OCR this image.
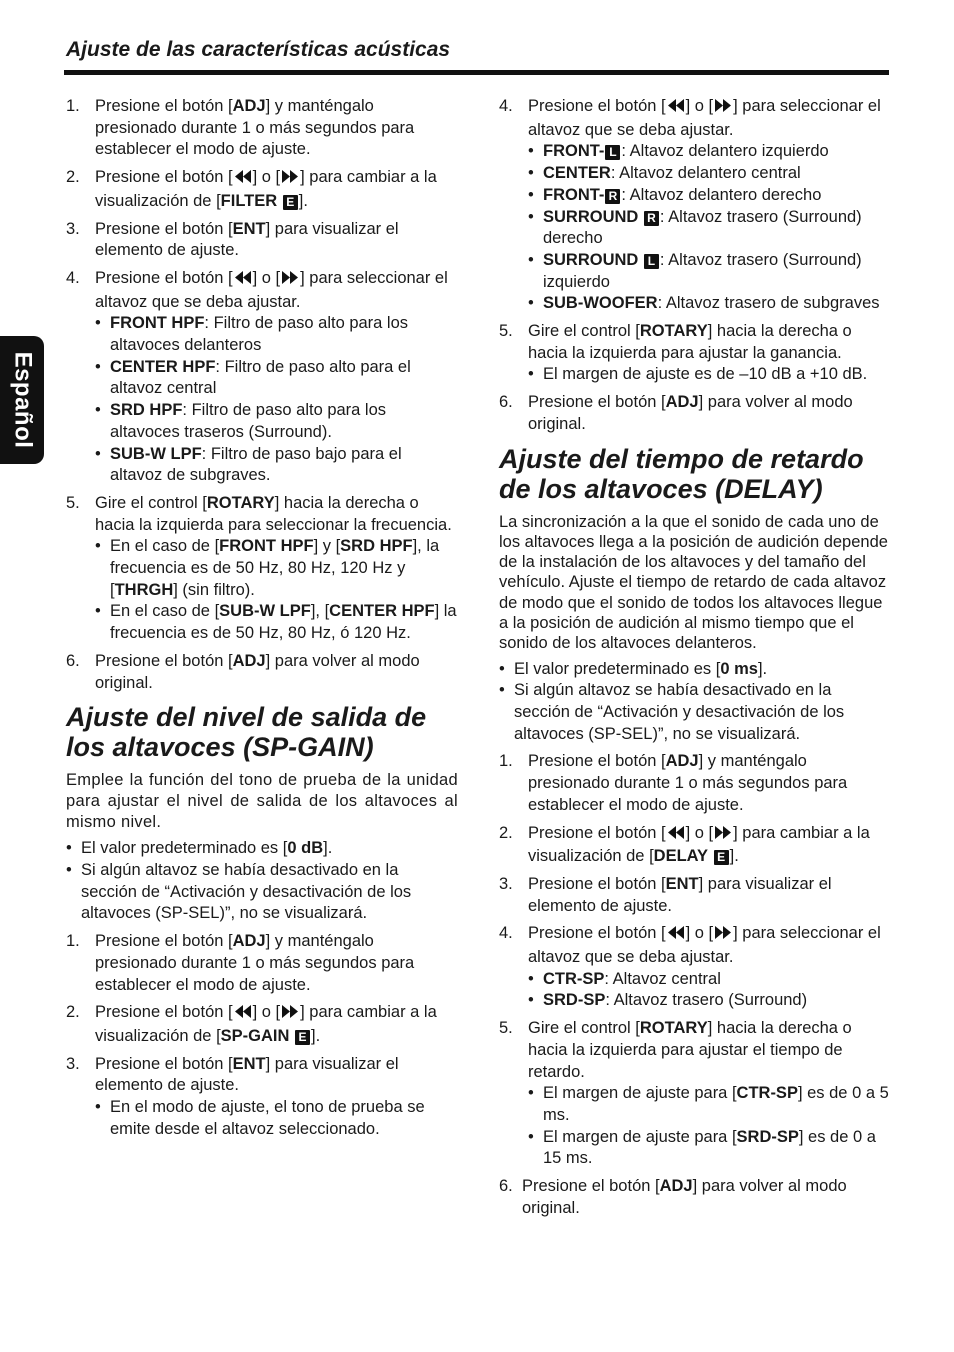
Ajuste de las características acústicas
Español
1. Presione el botón [ADJ] y manténgalo presionado durante 1 o más segundos para establecer el modo de ajuste.

2. Presione el botón [ ] o [ ] para cambiar a la visualización de [FILTER E ].

3. Presione el botón [ENT] para visualizar el elemento de ajuste.

4. Presione el botón [ ] o [ ] para seleccionar el altavoz que se deba ajustar.

• FRONT HPF: Filtro de paso alto para los altavoces delanteros
• CENTER HPF: Filtro de paso alto para el altavoz central
• SRD HPF: Filtro de paso alto para los altavoces traseros (Surround).
• SUB-W LPF: Filtro de paso bajo para el altavoz de subgraves.
5. Gire el control [ROTARY] hacia la derecha o hacia la izquierda para seleccionar la frecuencia.

• En el caso de [FRONT HPF] y [SRD HPF], la frecuencia es de 50 Hz, 80 Hz, 120 Hz y [THRGH] (sin filtro).
• En el caso de [SUB-W LPF], [CENTER HPF] la frecuencia es de 50 Hz, 80 Hz, ó 120 Hz.
6. Presione el botón [ADJ] para volver al modo original.

Ajuste del nivel de salida de los altavoces (SP-GAIN)
Emplee la función del tono de prueba de la unidad para ajustar el nivel de salida de los altavoces al mismo nivel.
• El valor predeterminado es [0 dB].
• Si algún altavoz se había desactivado en la sección de “Activación y desactivación de los altavoces (SP-SEL)”, no se visualizará.
1. Presione el botón [ADJ] y manténgalo presionado durante 1 o más segundos para establecer el modo de ajuste.

2. Presione el botón [ ] o [ ] para cambiar a la visualización de [SP-GAIN E ].

3. Presione el botón [ENT] para visualizar el elemento de ajuste.

• En el modo de ajuste, el tono de prueba se emite desde el altavoz seleccionado.
4. Presione el botón [ ] o [ ] para seleccionar el altavoz que se deba ajustar.

• FRONT- L : Altavoz delantero izquierdo
• CENTER: Altavoz delantero central
• FRONT- R : Altavoz delantero derecho
• SURROUND R : Altavoz trasero (Surround) derecho
• SURROUND L : Altavoz trasero (Surround) izquierdo
• SUB-WOOFER: Altavoz trasero de subgraves
5. Gire el control [ROTARY] hacia la derecha o hacia la izquierda para ajustar la ganancia.

• El margen de ajuste es de –10 dB a +10 dB.
6. Presione el botón [ADJ] para volver al modo original.

Ajuste del tiempo de retardo de los altavoces (DELAY)
La sincronización a la que el sonido de cada uno de los altavoces llega a la posición de audición depende de la instalación de los altavoces y del tamaño del vehículo. Ajuste el tiempo de retardo de cada altavoz de modo que el sonido de todos los altavoces llegue a la posición de audición al mismo tiempo que el sonido de los altavoces delanteros.
• El valor predeterminado es [0 ms].
• Si algún altavoz se había desactivado en la sección de “Activación y desactivación de los altavoces (SP-SEL)”, no se visualizará.
1. Presione el botón [ADJ] y manténgalo presionado durante 1 o más segundos para establecer el modo de ajuste.

2. Presione el botón [ ] o [ ] para cambiar a la visualización de [DELAY E ].

3. Presione el botón [ENT] para visualizar el elemento de ajuste.

4. Presione el botón [ ] o [ ] para seleccionar el altavoz que se deba ajustar.

• CTR-SP: Altavoz central
• SRD-SP: Altavoz trasero (Surround)
5. Gire el control [ROTARY] hacia la derecha o hacia la izquierda para ajustar el tiempo de retardo.

• El margen de ajuste para [CTR-SP] es de 0 a 5 ms.
• El margen de ajuste para [SRD-SP] es de 0 a 15 ms.
6. Presione el botón [ADJ] para volver al modo original.
